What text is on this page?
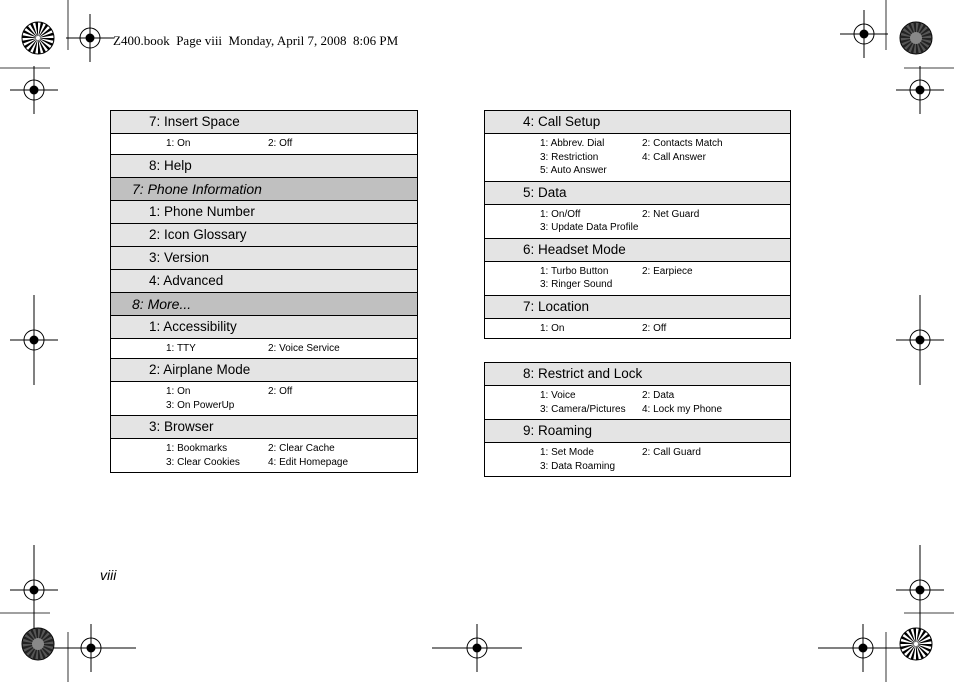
Z400.book  Page viii  Monday, April 7, 2008  8:06 PM
7: Insert Space
1: On	2: Off
8: Help
7: Phone Information
1: Phone Number
2: Icon Glossary
3: Version
4: Advanced
8: More...
1: Accessibility
1: TTY	2: Voice Service
2: Airplane Mode
1: On	2: Off
3: On PowerUp
3: Browser
1: Bookmarks	2: Clear Cache
3: Clear Cookies	4: Edit Homepage
4: Call Setup
1: Abbrev. Dial	2: Contacts Match
3: Restriction	4: Call Answer
5: Auto Answer
5: Data
1: On/Off	2: Net Guard
3: Update Data Profile
6: Headset Mode
1: Turbo Button	2: Earpiece
3: Ringer Sound
7: Location
1: On	2: Off
8: Restrict and Lock
1: Voice	2: Data
3: Camera/Pictures	4: Lock my Phone
9: Roaming
1: Set Mode	2: Call Guard
3: Data Roaming
viii
